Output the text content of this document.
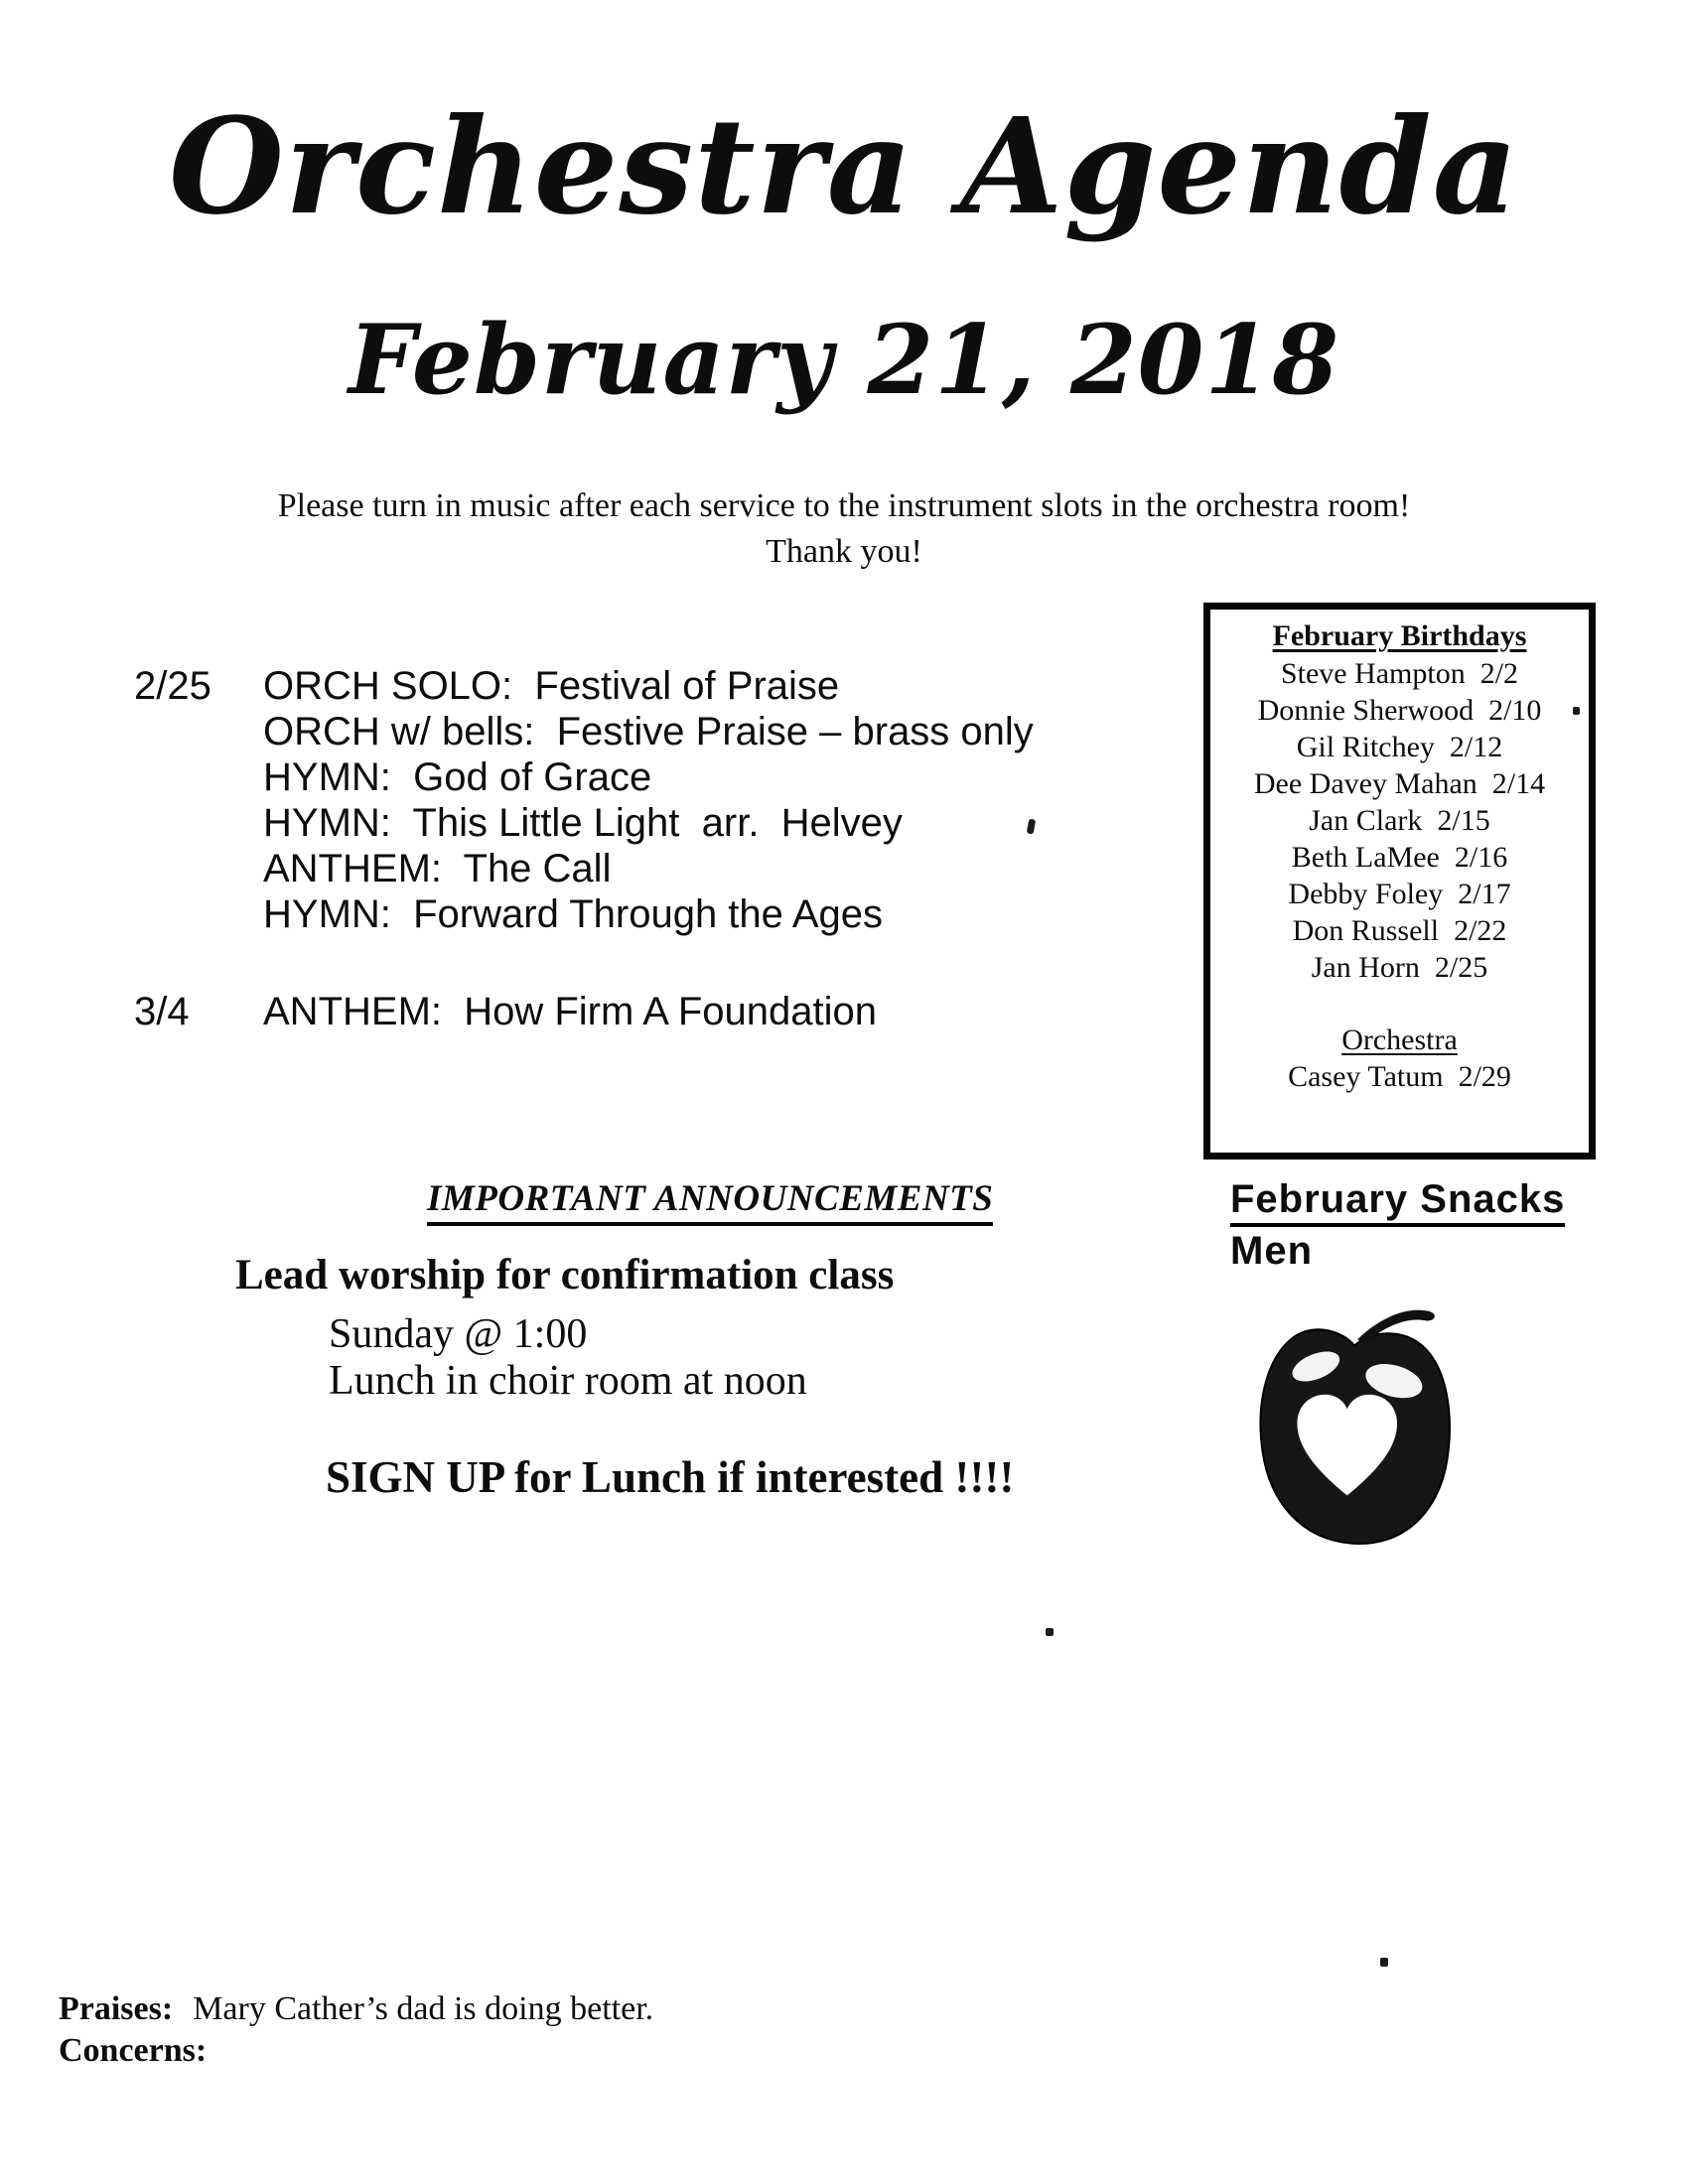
Orchestra Agenda
February 21, 2018
Please turn in music after each service to the instrument slots in the orchestra room!
Thank you!
2/25 ORCH SOLO:  Festival of Praise
ORCH w/ bells:  Festive Praise – brass only
HYMN:  God of Grace
HYMN:  This Little Light  arr.  Helvey
ANTHEM:  The Call
HYMN:  Forward Through the Ages
3/4 ANTHEM:  How Firm A Foundation
February Birthdays
Steve Hampton  2/2
Donnie Sherwood  2/10
Gil Ritchey  2/12
Dee Davey Mahan  2/14
Jan Clark  2/15
Beth LaMee  2/16
Debby Foley  2/17
Don Russell  2/22
Jan Horn  2/25
Orchestra
Casey Tatum  2/29
IMPORTANT ANNOUNCEMENTS
Lead worship for confirmation class
Sunday @ 1:00
Lunch in choir room at noon
SIGN UP for Lunch if interested !!!!
February Snacks
Men
Praises: Mary Cather’s dad is doing better.
Concerns:
